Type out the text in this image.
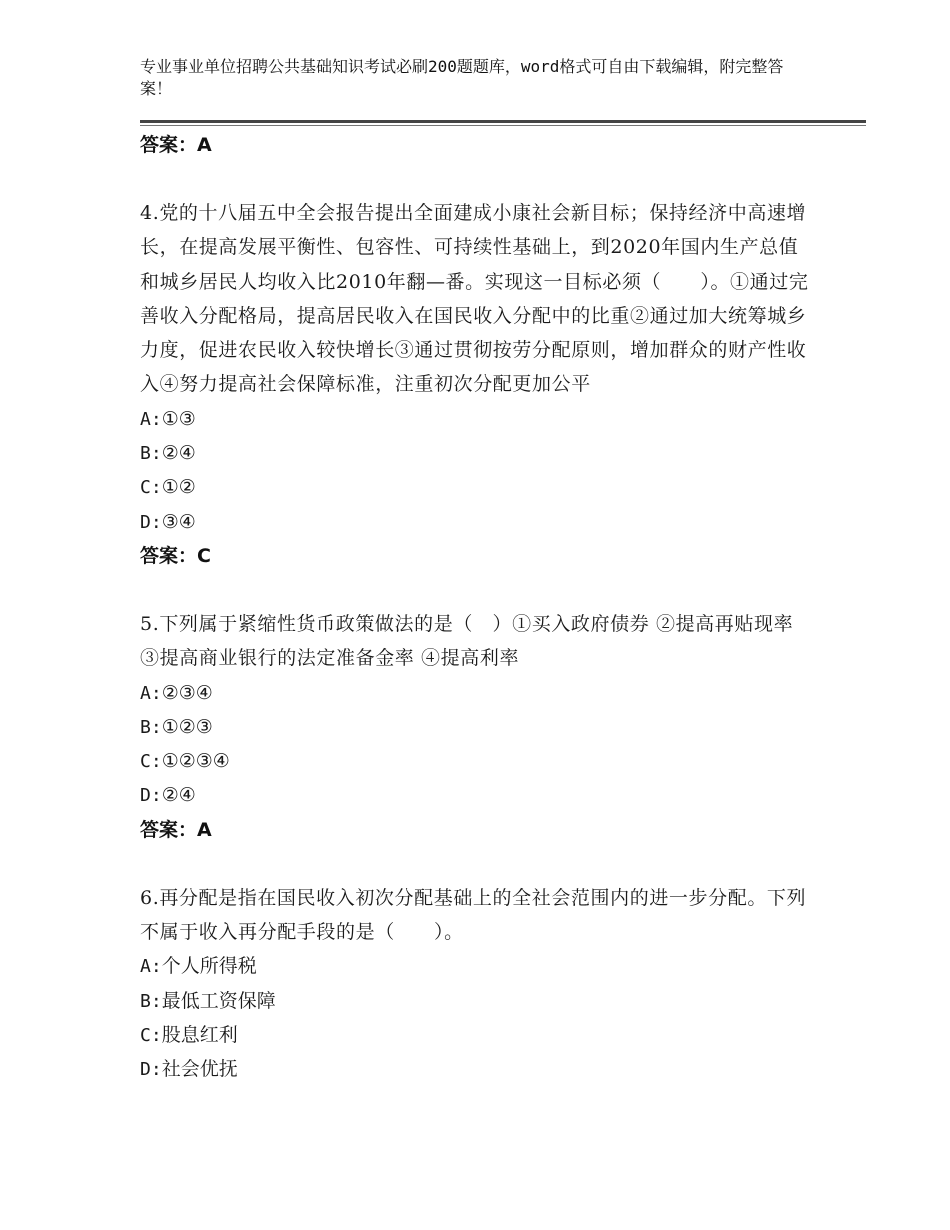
专业事业单位招聘公共基础知识考试必刷200题题库，word格式可自由下载编辑，附完整答案！
答案：A
4.党的十八届五中全会报告提出全面建成小康社会新目标；保持经济中高速增长，在提高发展平衡性、包容性、可持续性基础上，到2020年国内生产总值和城乡居民人均收入比2010年翻—番。实现这一目标必须（　　）。①通过完善收入分配格局，提高居民收入在国民收入分配中的比重②通过加大统筹城乡力度，促进农民收入较快增长③通过贯彻按劳分配原则，增加群众的财产性收入④努力提高社会保障标准，注重初次分配更加公平
A:①③
B:②④
C:①②
D:③④
答案：C
5.下列属于紧缩性货币政策做法的是（　）①买入政府债券 ②提高再贴现率 ③提高商业银行的法定准备金率 ④提高利率
A:②③④
B:①②③
C:①②③④
D:②④
答案：A
6.再分配是指在国民收入初次分配基础上的全社会范围内的进一步分配。下列不属于收入再分配手段的是（　　）。
A:个人所得税
B:最低工资保障
C:股息红利
D:社会优抚
